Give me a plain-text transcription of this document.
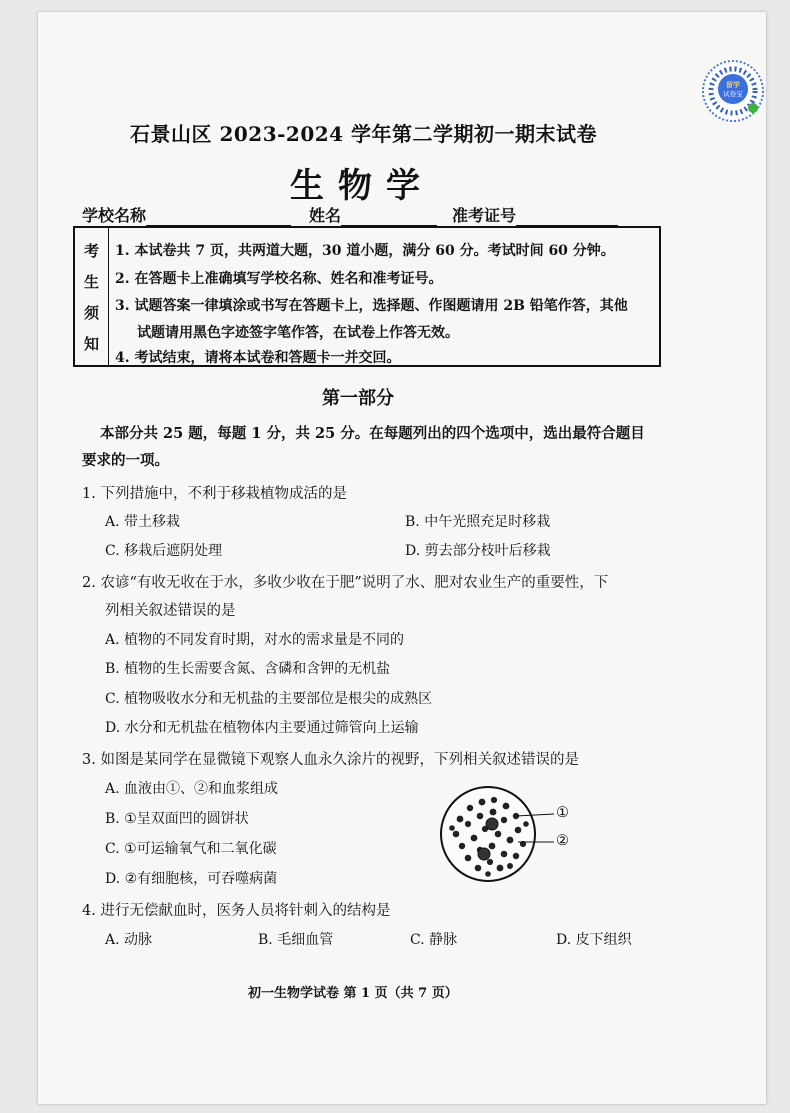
留学
试卷宝
石景山区 2023-2024 学年第二学期初一期末试卷
生物学
学校名称	姓名	准考证号
考
生
须
知
1. 本试卷共 7 页，共两道大题，30 道小题，满分 60 分。考试时间 60 分钟。
2. 在答题卡上准确填写学校名称、姓名和准考证号。
3. 试题答案一律填涂或书写在答题卡上，选择题、作图题请用 2B 铅笔作答，其他
试题请用黑色字迹签字笔作答，在试卷上作答无效。
4. 考试结束，请将本试卷和答题卡一并交回。
第一部分
本部分共 25 题，每题 1 分，共 25 分。在每题列出的四个选项中，选出最符合题目
要求的一项。
1. 下列措施中，不利于移栽植物成活的是
A. 带土移栽	B. 中午光照充足时移栽
C. 移栽后遮阴处理	D. 剪去部分枝叶后移栽
2. 农谚“有收无收在于水，多收少收在于肥”说明了水、肥对农业生产的重要性，下
列相关叙述错误的是
A. 植物的不同发育时期，对水的需求量是不同的
B. 植物的生长需要含氮、含磷和含钾的无机盐
C. 植物吸收水分和无机盐的主要部位是根尖的成熟区
D. 水分和无机盐在植物体内主要通过筛管向上运输
3. 如图是某同学在显微镜下观察人血永久涂片的视野，下列相关叙述错误的是
A. 血液由①、②和血浆组成
B. ①呈双面凹的圆饼状
C. ①可运输氧气和二氧化碳
D. ②有细胞核，可吞噬病菌
①
②
4. 进行无偿献血时，医务人员将针刺入的结构是
A. 动脉	B. 毛细血管	C. 静脉	D. 皮下组织
初一生物学试卷 第 1 页（共 7 页）
